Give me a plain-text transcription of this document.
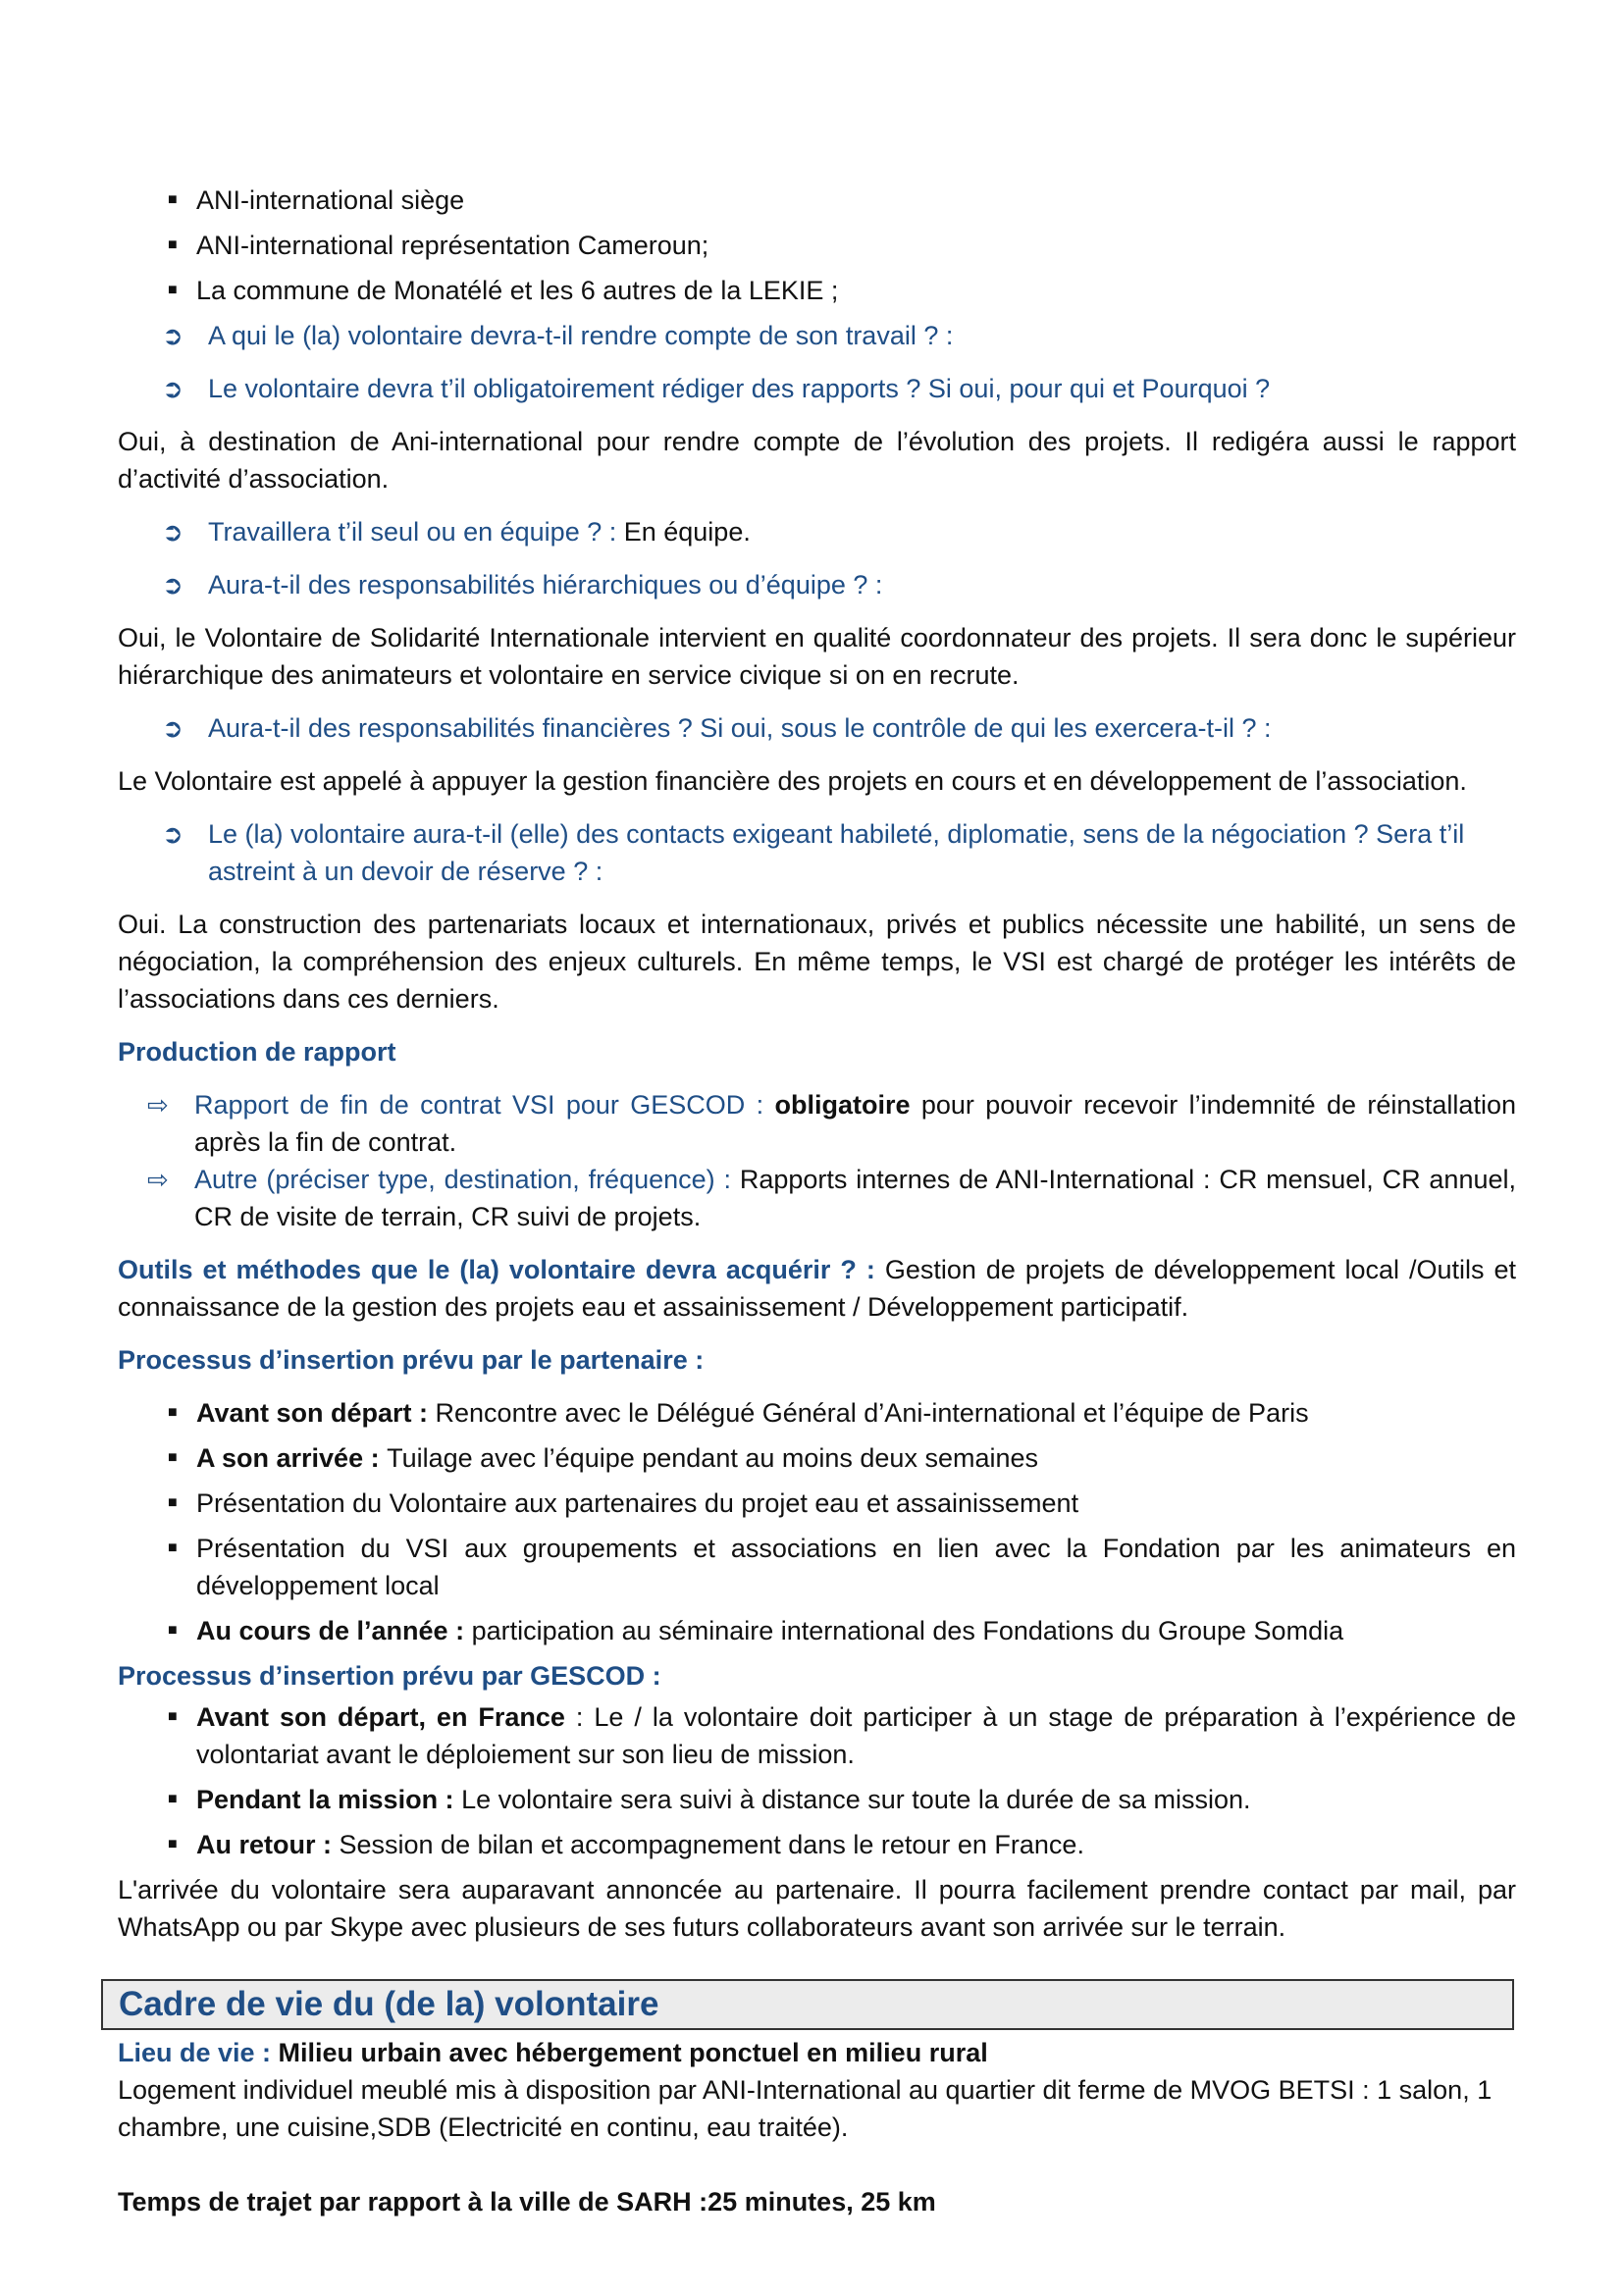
■ ANI-international siège
■ ANI-international représentation Cameroun;
■ La commune de Monatélé et les 6 autres de la LEKIE ;

➲ A qui le (la) volontaire devra-t-il rendre compte de son travail ? :

➲ Le volontaire devra t’il obligatoirement rédiger des rapports ? Si oui, pour qui et Pourquoi ?

Oui, à destination de Ani-international pour rendre compte de l’évolution des projets. Il redigéra aussi le rapport d’activité d’association.

➲ Travaillera t’il seul ou en équipe ? : En équipe.

➲ Aura-t-il des responsabilités hiérarchiques ou d’équipe ? :

Oui, le Volontaire de Solidarité Internationale intervient en qualité coordonnateur des projets. Il sera donc le supérieur hiérarchique des animateurs et volontaire en service civique si on en recrute.

➲ Aura-t-il des responsabilités financières ? Si oui, sous le contrôle de qui les exercera-t-il ? :

Le Volontaire est appelé à appuyer la gestion financière des projets en cours et en développement de l’association.

➲ Le (la) volontaire aura-t-il (elle) des contacts exigeant habileté, diplomatie, sens de la négociation ? Sera t’il astreint à un devoir de réserve ? :

Oui. La construction des partenariats locaux et internationaux, privés et publics nécessite une habilité, un sens de négociation, la compréhension des enjeux culturels. En même temps, le VSI est chargé de protéger les intérêts de l’associations dans ces derniers.

Production de rapport

⇨ Rapport de fin de contrat VSI pour GESCOD : obligatoire pour pouvoir recevoir l’indemnité de réinstallation après la fin de contrat.

⇨ Autre (préciser type, destination, fréquence) : Rapports internes de ANI-International : CR mensuel, CR annuel, CR de visite de terrain, CR suivi de projets.

Outils et méthodes que le (la) volontaire devra acquérir ? : Gestion de projets de développement local /Outils et connaissance de la gestion des projets eau et assainissement / Développement participatif.

Processus d’insertion prévu par le partenaire :

■ Avant son départ : Rencontre avec le Délégué Général d’Ani-international et l’équipe de Paris
■ A son arrivée : Tuilage avec l’équipe pendant au moins deux semaines
■ Présentation du Volontaire aux partenaires du projet eau et assainissement
■ Présentation du VSI aux groupements et associations en lien avec la Fondation par les animateurs en développement local
■ Au cours de l’année : participation au séminaire international des Fondations du Groupe Somdia

Processus d’insertion prévu par GESCOD :

■ Avant son départ, en France : Le / la volontaire doit participer à un stage de préparation à l’expérience de volontariat avant le déploiement sur son lieu de mission.
■ Pendant la mission : Le volontaire sera suivi à distance sur toute la durée de sa mission.
■ Au retour : Session de bilan et accompagnement dans le retour en France.

L'arrivée du volontaire sera auparavant annoncée au partenaire. Il pourra facilement prendre contact par mail, par WhatsApp ou par Skype avec plusieurs de ses futurs collaborateurs avant son arrivée sur le terrain.

Cadre de vie du (de la) volontaire

Lieu de vie : Milieu urbain avec hébergement ponctuel en milieu rural

Logement individuel meublé mis à disposition par ANI-International au quartier dit ferme de MVOG BETSI : 1 salon, 1 chambre, une cuisine,SDB (Electricité en continu, eau traitée).

Temps de trajet par rapport à la ville de SARH :25 minutes, 25 km
